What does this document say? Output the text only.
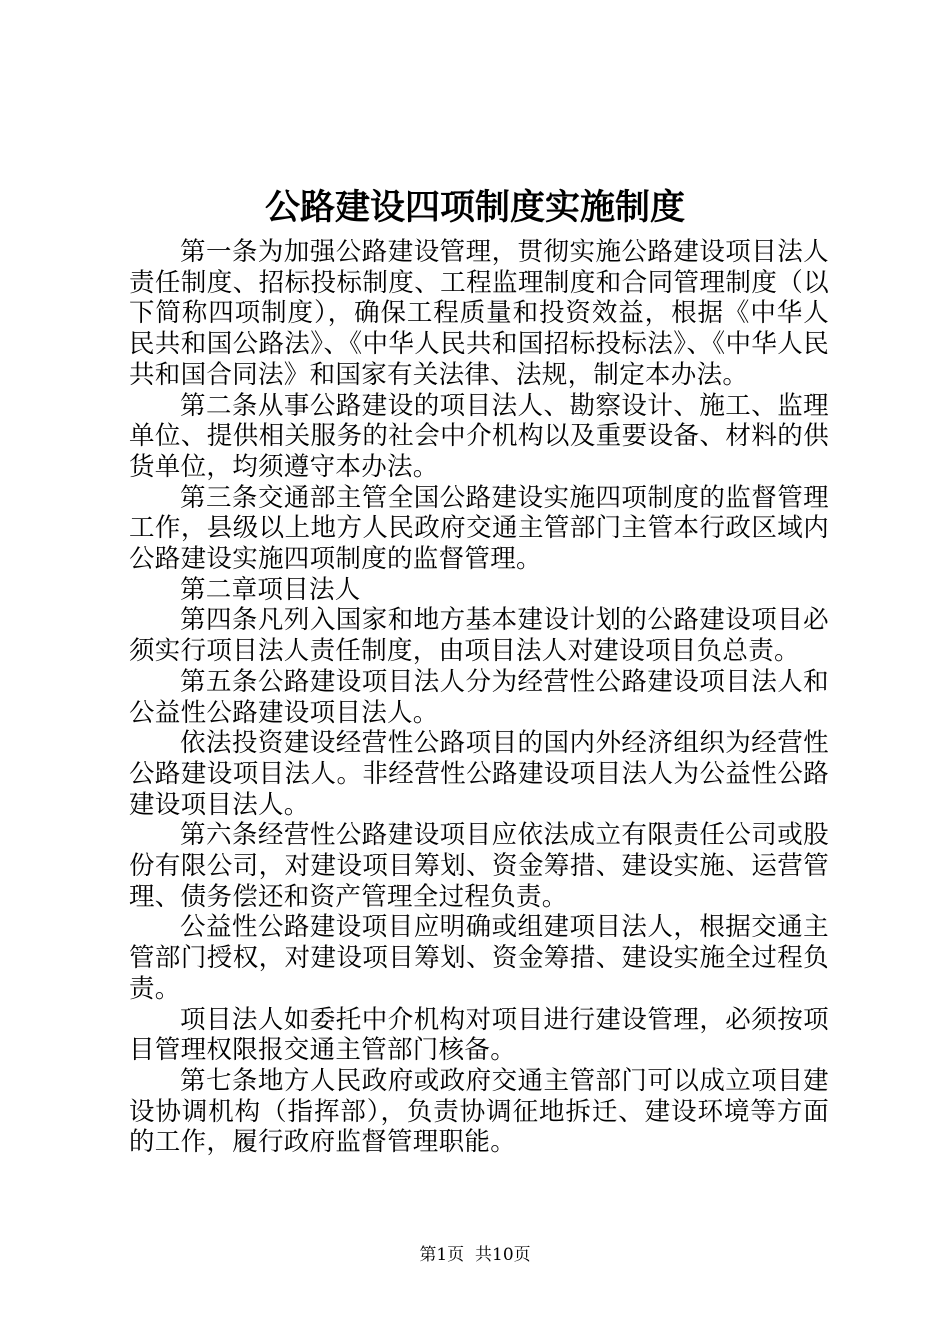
公路建设四项制度实施制度

第一条为加强公路建设管理，贯彻实施公路建设项目法人责任制度、招标投标制度、工程监理制度和合同管理制度（以下简称四项制度），确保工程质量和投资效益，根据《中华人民共和国公路法》、《中华人民共和国招标投标法》、《中华人民共和国合同法》和国家有关法律、法规，制定本办法。

第二条从事公路建设的项目法人、勘察设计、施工、监理单位、提供相关服务的社会中介机构以及重要设备、材料的供货单位，均须遵守本办法。

第三条交通部主管全国公路建设实施四项制度的监督管理工作，县级以上地方人民政府交通主管部门主管本行政区域内公路建设实施四项制度的监督管理。

第二章项目法人

第四条凡列入国家和地方基本建设计划的公路建设项目必须实行项目法人责任制度，由项目法人对建设项目负总责。

第五条公路建设项目法人分为经营性公路建设项目法人和公益性公路建设项目法人。

依法投资建设经营性公路项目的国内外经济组织为经营性公路建设项目法人。非经营性公路建设项目法人为公益性公路建设项目法人。

第六条经营性公路建设项目应依法成立有限责任公司或股份有限公司，对建设项目筹划、资金筹措、建设实施、运营管理、债务偿还和资产管理全过程负责。

公益性公路建设项目应明确或组建项目法人，根据交通主管部门授权，对建设项目筹划、资金筹措、建设实施全过程负责。

项目法人如委托中介机构对项目进行建设管理，必须按项目管理权限报交通主管部门核备。

第七条地方人民政府或政府交通主管部门可以成立项目建设协调机构（指挥部），负责协调征地拆迁、建设环境等方面的工作，履行政府监督管理职能。

第1页 共10页
